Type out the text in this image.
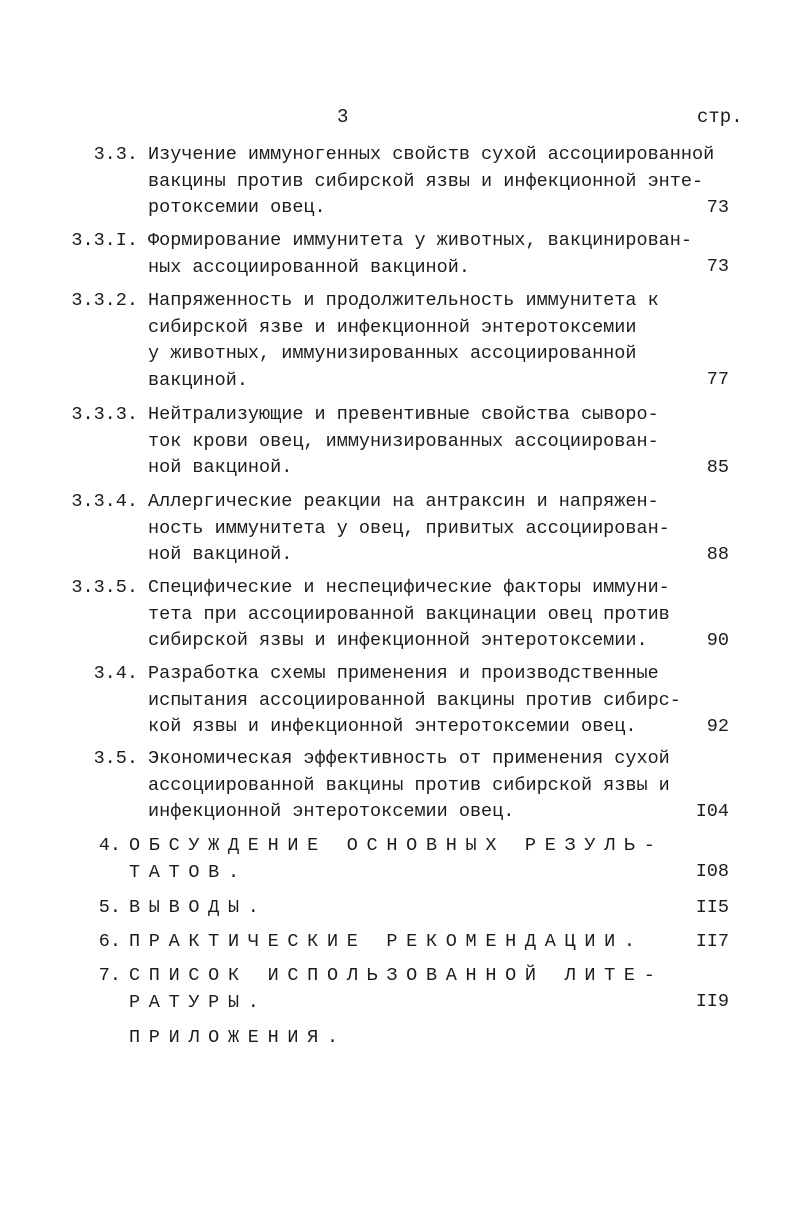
3	стр.
3.3. Изучение иммуногенных свойств сухой ассоциированной
вакцины против сибирской язвы и инфекционной энте-
ротоксемии овец.	73
3.3.I. Формирование иммунитета у животных, вакцинирован-
ных ассоциированной вакциной.	73
3.3.2. Напряженность и продолжительность иммунитета к
сибирской язве и инфекционной энтеротоксемии
у животных, иммунизированных ассоциированной
вакциной.	77
3.3.3. Нейтрализующие и превентивные свойства сыворо-
ток крови овец, иммунизированных ассоциирован-
ной вакциной.	85
3.3.4. Аллергические реакции на антраксин и напряжен-
ность иммунитета у овец, привитых ассоциирован-
ной вакциной.	88
3.3.5. Специфические и неспецифические факторы иммуни-
тета при ассоциированной вакцинации овец против
сибирской язвы и инфекционной энтеротоксемии.	90
3.4. Разработка схемы применения и производственные
испытания ассоциированной вакцины против сибирс-
кой язвы и инфекционной энтеротоксемии овец.	92
3.5. Экономическая эффективность от применения сухой
ассоциированной вакцины против сибирской язвы и
инфекционной энтеротоксемии овец.	I04
4. ОБСУЖДЕНИЕ ОСНОВНЫХ РЕЗУЛЬ-
ТАТОВ.	I08
5. ВЫВОДЫ.	II5
6. ПРАКТИЧЕСКИЕ РЕКОМЕНДАЦИИ.	II7
7. СПИСОК ИСПОЛЬЗОВАННОЙ ЛИТЕ-
РАТУРЫ.	II9
ПРИЛОЖЕНИЯ.
